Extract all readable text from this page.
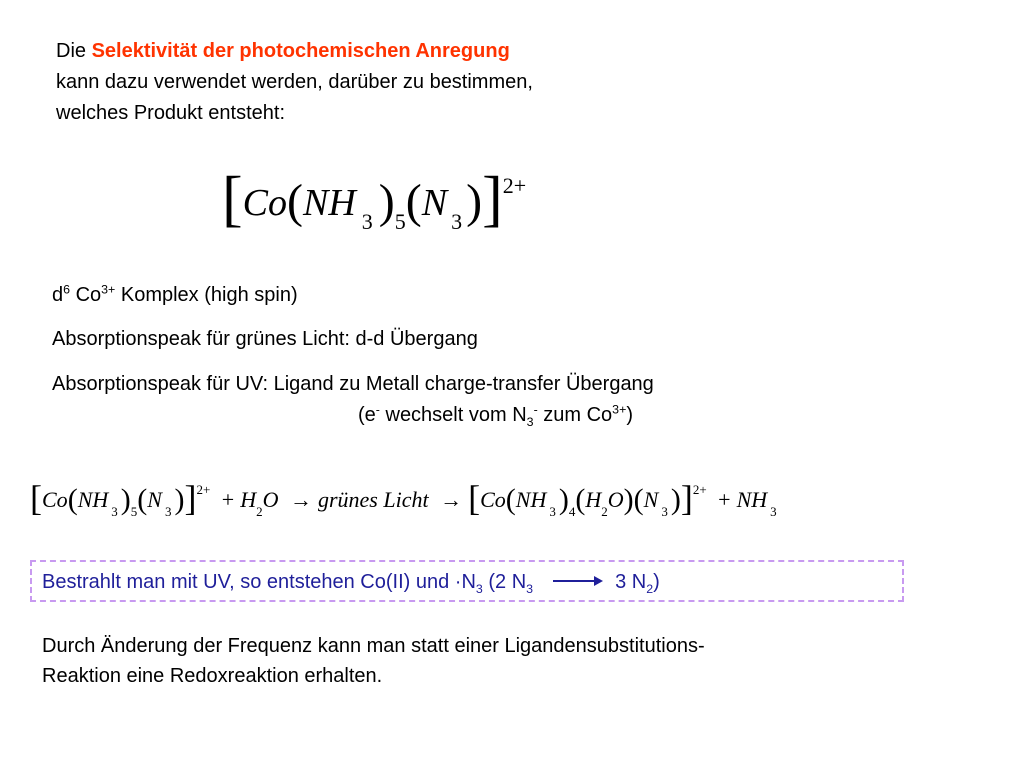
Die Selektivität der photochemischen Anregung
kann dazu verwendet werden, darüber zu bestimmen,
welches Produkt entsteht:
[Co(NH $_3$ )$_5(N$ $_3$)]$^{2+}$
$d^6$ $Co^{3+}$ Komplex (high spin)
Absorptionspeak für grünes Licht: d-d Übergang
Absorptionspeak für UV: Ligand zu Metall charge-transfer Übergang
(e- wechselt vom $N_3^-$ zum $Co^{3+}$)
[Co(NH $_3$ )$_5(N$ $_3$ )]$^{2+} + H_2O$ → grünes Licht → [Co(NH $_3$ )$_4(H_2O)(N$ $_3$ )]$^{2+}$ + NH $_3$
Bestrahlt man mit UV, so entstehen Co(II) und $\cdot N_3$ (2 $N_3$	3 $N_2$)
Durch Änderung der Frequenz kann man statt einer Ligandensubstitutions-
Reaktion eine Redoxreaktion erhalten.
